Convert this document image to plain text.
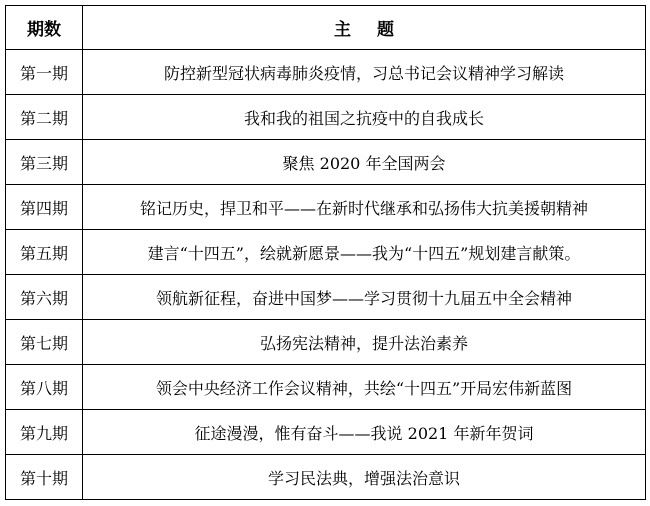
期数	主题
第一期	防控新型冠状病毒肺炎疫情，习总书记会议精神学习解读
第二期	我和我的祖国之抗疫中的自我成长
第三期	聚焦 2020 年全国两会
第四期	铭记历史，捍卫和平——在新时代继承和弘扬伟大抗美援朝精神
第五期	建言“十四五”，绘就新愿景——我为“十四五”规划建言献策。
第六期	领航新征程，奋进中国梦——学习贯彻十九届五中全会精神
第七期	弘扬宪法精神，提升法治素养
第八期	领会中央经济工作会议精神，共绘“十四五”开局宏伟新蓝图
第九期	征途漫漫，惟有奋斗——我说 2021 年新年贺词
第十期	学习民法典，增强法治意识
